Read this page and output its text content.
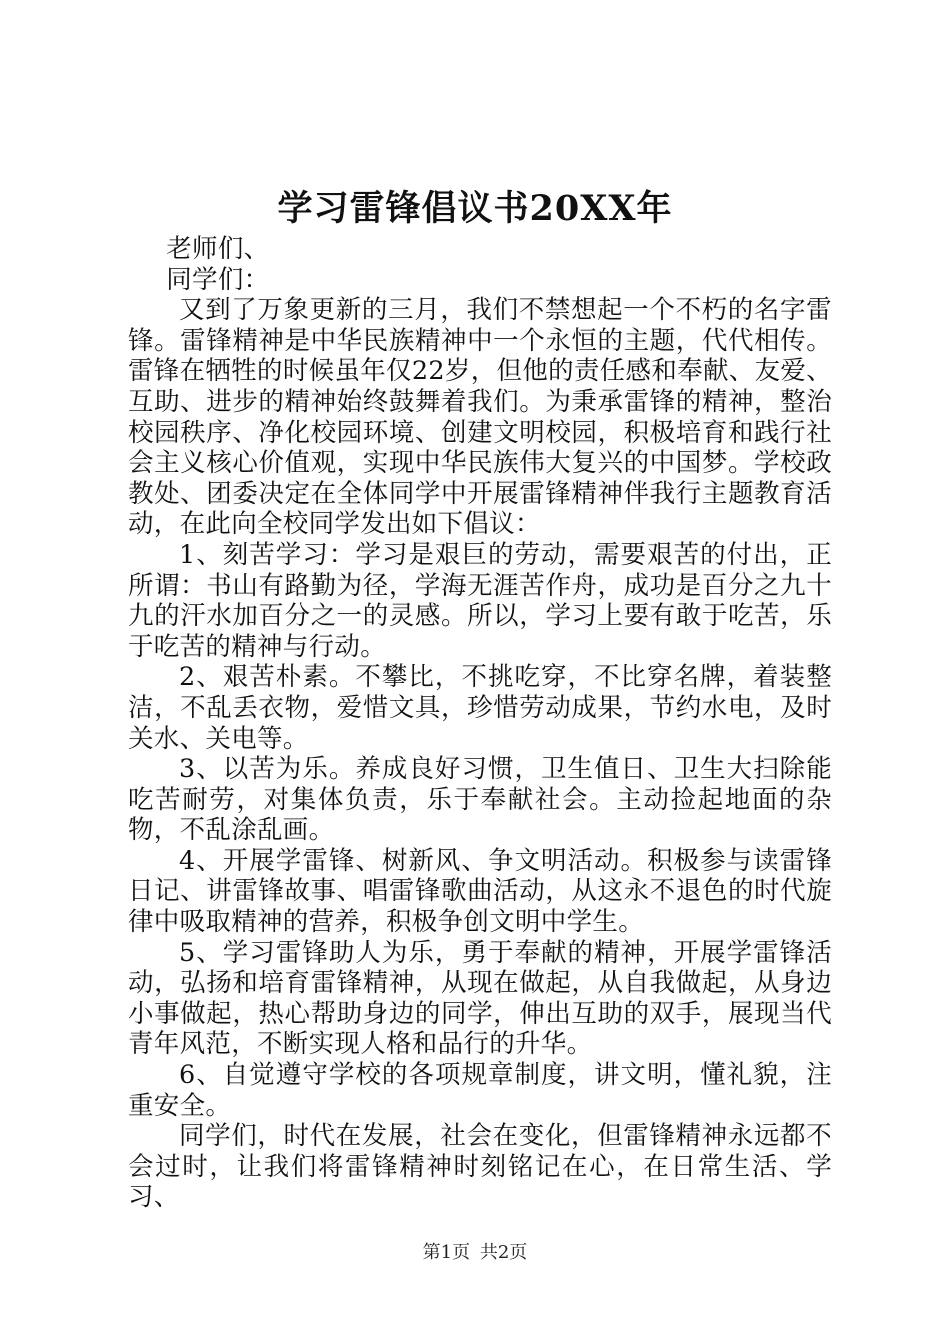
学习雷锋倡议书20XX年

老师们、

同学们：

又到了万象更新的三月，我们不禁想起一个不朽的名字雷锋。雷锋精神是中华民族精神中一个永恒的主题，代代相传。雷锋在牺牲的时候虽年仅22岁，但他的责任感和奉献、友爱、互助、进步的精神始终鼓舞着我们。为秉承雷锋的精神，整治校园秩序、净化校园环境、创建文明校园，积极培育和践行社会主义核心价值观，实现中华民族伟大复兴的中国梦。学校政教处、团委决定在全体同学中开展雷锋精神伴我行主题教育活动，在此向全校同学发出如下倡议：

1、刻苦学习：学习是艰巨的劳动，需要艰苦的付出，正所谓：书山有路勤为径，学海无涯苦作舟，成功是百分之九十九的汗水加百分之一的灵感。所以，学习上要有敢于吃苦，乐于吃苦的精神与行动。

2、艰苦朴素。不攀比，不挑吃穿，不比穿名牌，着装整洁，不乱丢衣物，爱惜文具，珍惜劳动成果，节约水电，及时关水、关电等。

3、以苦为乐。养成良好习惯，卫生值日、卫生大扫除能吃苦耐劳，对集体负责，乐于奉献社会。主动捡起地面的杂物，不乱涂乱画。

4、开展学雷锋、树新风、争文明活动。积极参与读雷锋日记、讲雷锋故事、唱雷锋歌曲活动，从这永不退色的时代旋律中吸取精神的营养，积极争创文明中学生。

5、学习雷锋助人为乐，勇于奉献的精神，开展学雷锋活动，弘扬和培育雷锋精神，从现在做起，从自我做起，从身边小事做起，热心帮助身边的同学，伸出互助的双手，展现当代青年风范，不断实现人格和品行的升华。

6、自觉遵守学校的各项规章制度，讲文明，懂礼貌，注重安全。

同学们，时代在发展，社会在变化，但雷锋精神永远都不会过时，让我们将雷锋精神时刻铭记在心，在日常生活、学习、

第1页 共2页
